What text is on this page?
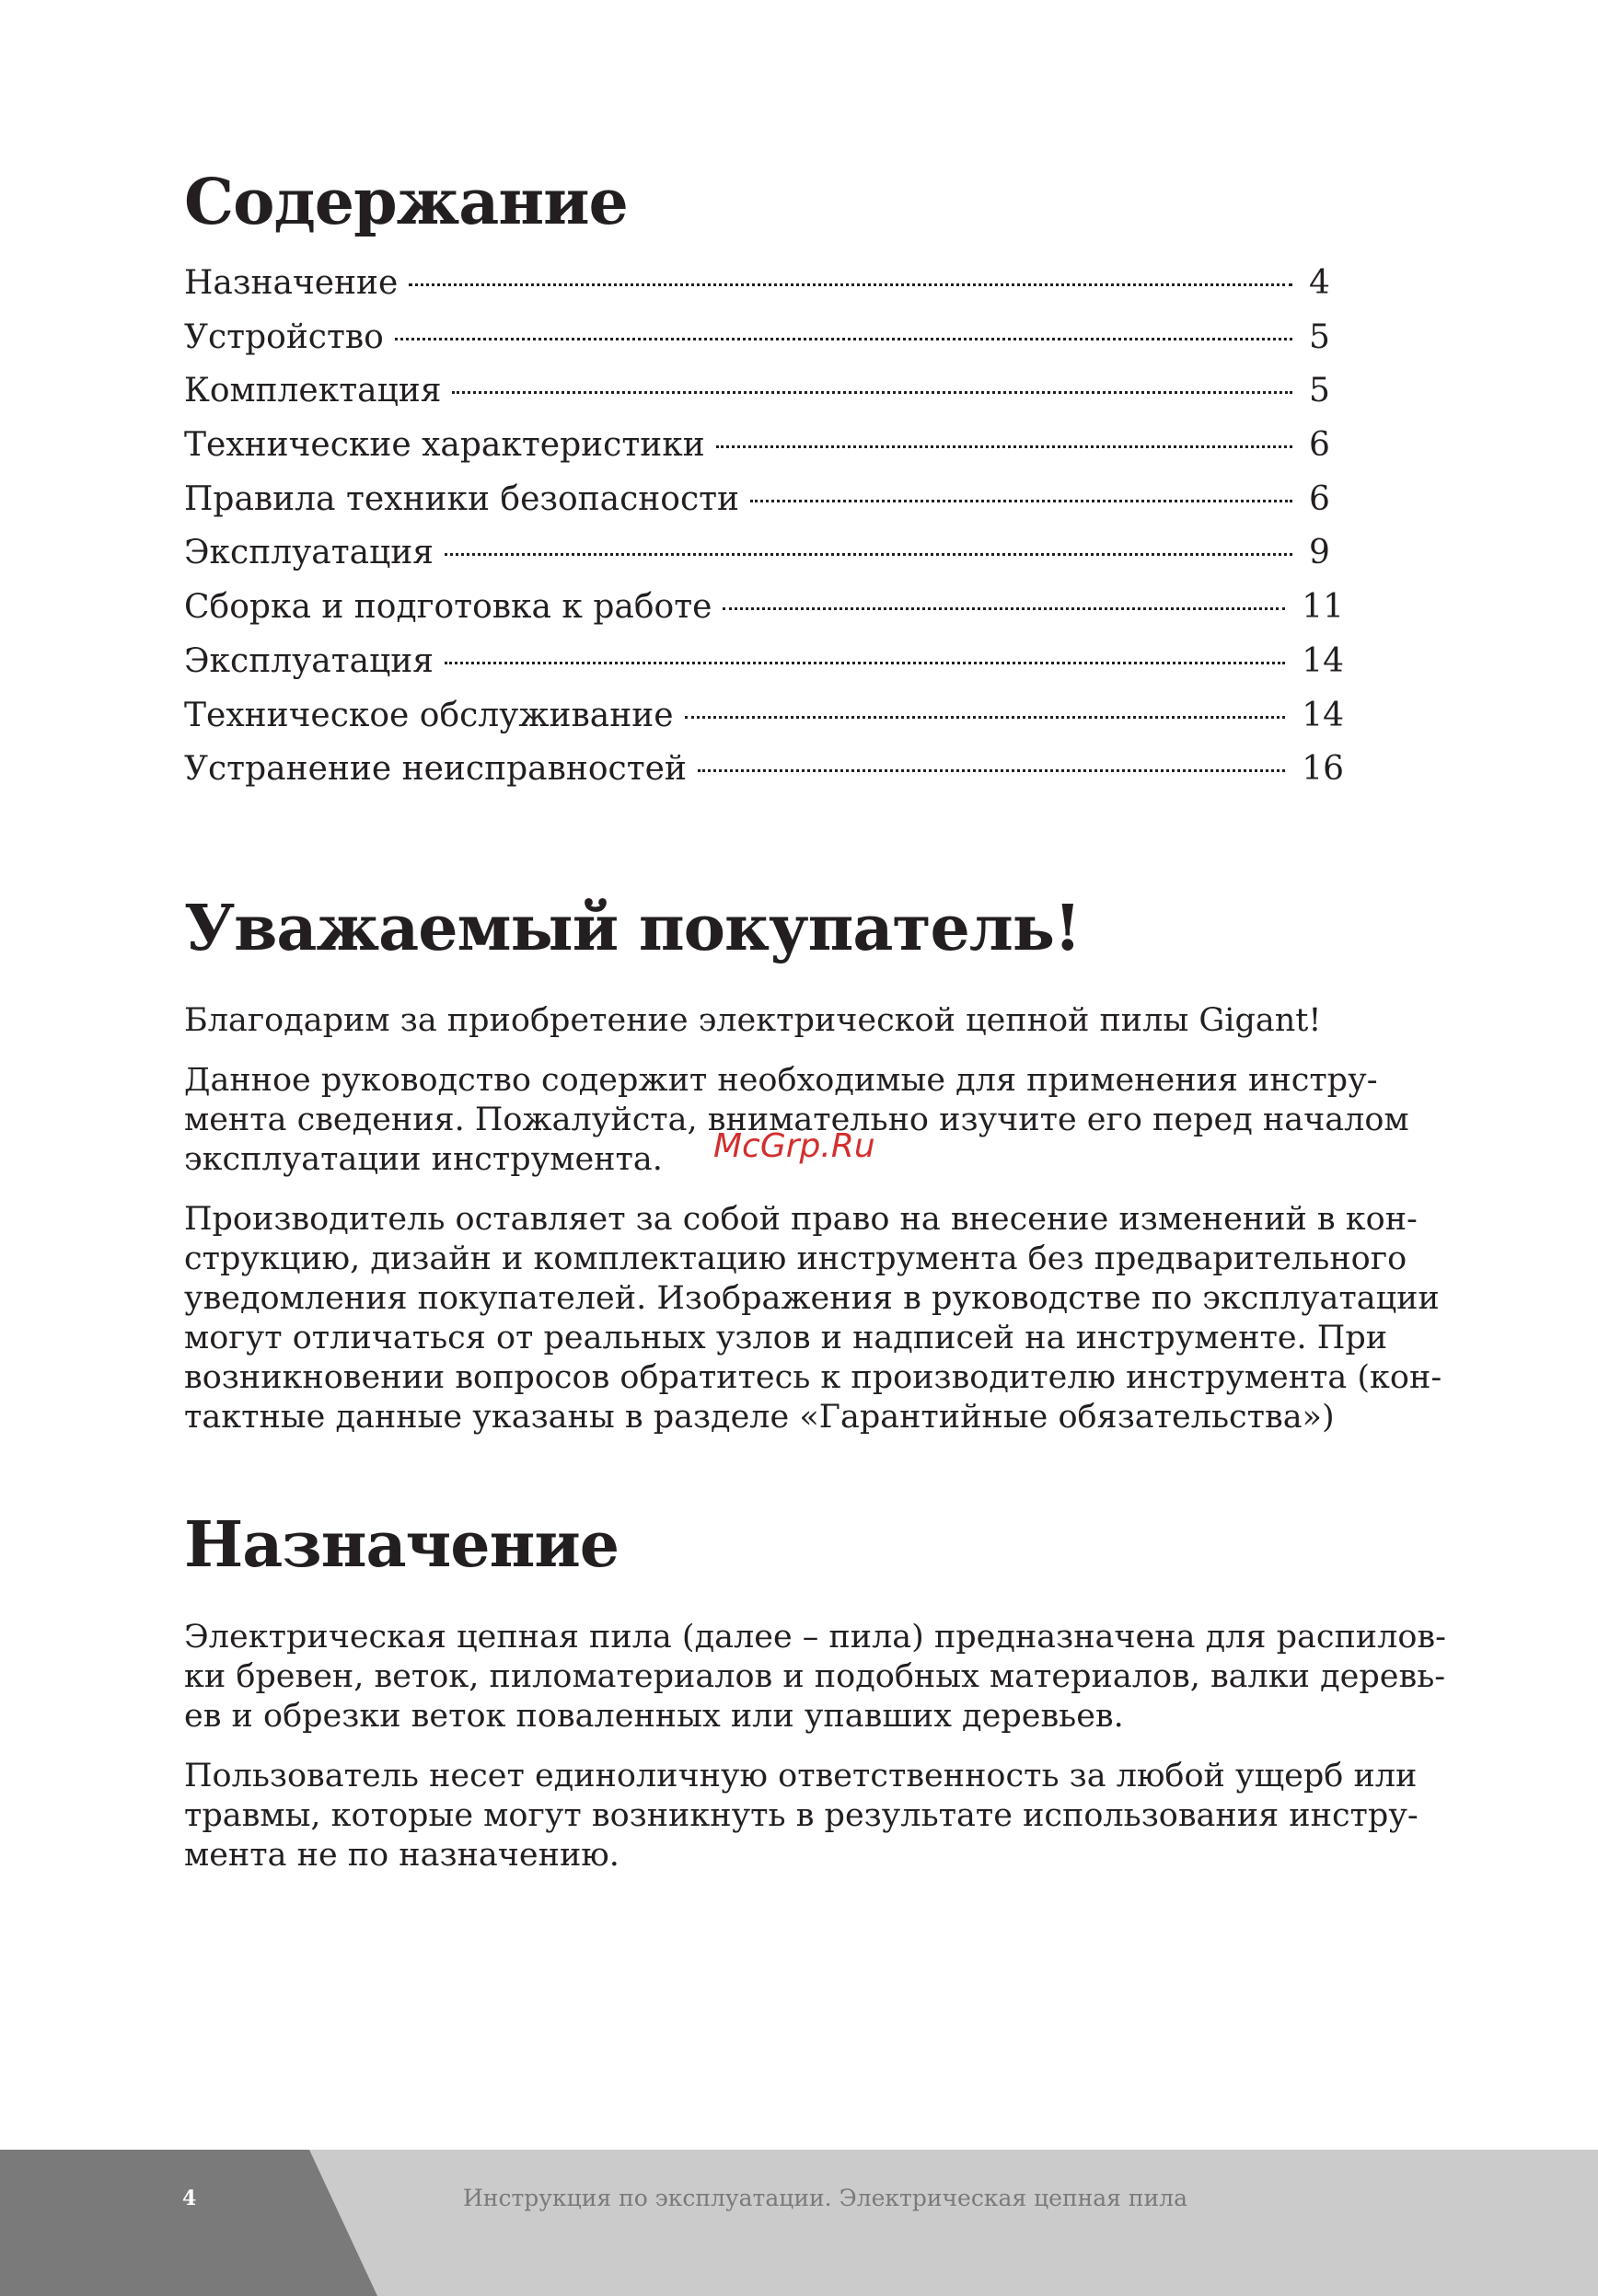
Содержание
Назначение	4
Устройство	5
Комплектация	5
Технические характеристики	6
Правила техники безопасности	6
Эксплуатация	9
Сборка и подготовка к работе	11
Эксплуатация	14
Техническое обслуживание	14
Устранение неисправностей	16
Уважаемый покупатель!

Благодарим за приобретение электрической цепной пилы Gigant!

Данное руководство содержит необходимые для применения инструмента сведения. Пожалуйста, внимательно изучите его перед началом эксплуатации инструмента.

Производитель оставляет за собой право на внесение изменений в конструкцию, дизайн и комплектацию инструмента без предварительного уведомления покупателей. Изображения в руководстве по эксплуатации могут отличаться от реальных узлов и надписей на инструменте. При возникновении вопросов обратитесь к производителю инструмента (контактные данные указаны в разделе «Гарантийные обязательства»)

Назначение

Электрическая цепная пила (далее – пила) предназначена для распиловки бревен, веток, пиломатериалов и подобных материалов, валки деревьев и обрезки веток поваленных или упавших деревьев.

Пользователь несет единоличную ответственность за любой ущерб или травмы, которые могут возникнуть в результате использования инструмента не по назначению.

McGrp.Ru
4	Инструкция по эксплуатации. Электрическая цепная пила
